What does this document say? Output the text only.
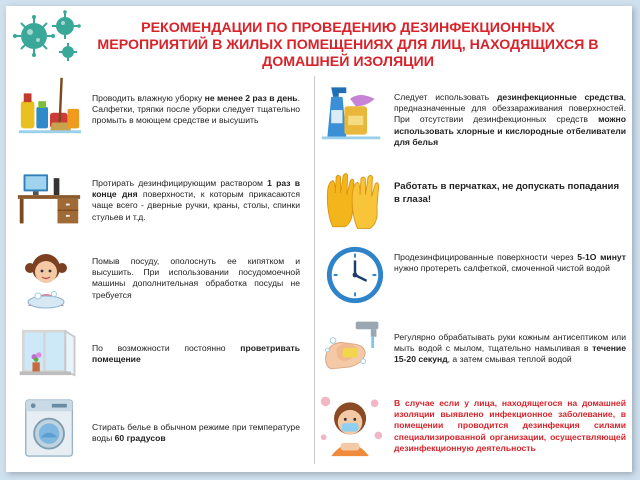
РЕКОМЕНДАЦИИ ПО ПРОВЕДЕНИЮ ДЕЗИНФЕКЦИОННЫХ МЕРОПРИЯТИЙ В ЖИЛЫХ ПОМЕЩЕНИЯХ ДЛЯ ЛИЦ, НАХОДЯЩИХСЯ В ДОМАШНЕЙ ИЗОЛЯЦИИ
Проводить влажную уборку не менее 2 раз в день. Салфетки, тряпки после уборки следует тщательно промыть в моющем средстве и высушить
Протирать дезинфицирующим раствором 1 раз в конце дня поверхности, к которым прикасаются чаще всего - дверные ручки, краны, столы, спинки стульев и т.д.
Помыв посуду, ополоснуть ее кипятком и высушить. При использовании посудомоечной машины дополнительная обработка посуды не требуется
По возможности постоянно проветривать помещение
Стирать белье в обычном режиме при температуре воды 60 градусов
Следует использовать дезинфекционные средства, предназначенные для обеззараживания поверхностей. При отсутствии дезинфекционных средств можно использовать хлорные и кислородные отбеливатели для белья
Работать в перчатках, не допускать попадания в глаза!
Продезинфицированные поверхности через 5-1О минут нужно протереть салфеткой, смоченной чистой водой
Регулярно обрабатывать руки кожным антисептиком или мыть водой с мылом, тщательно намыливая в течение 15-20 секунд, а затем смывая теплой водой
В случае если у лица, находящегося на домашней изоляции выявлено инфекционное заболевание, в помещении проводится дезинфекция силами специализированной организации, осуществляющей дезинфекционную деятельность
